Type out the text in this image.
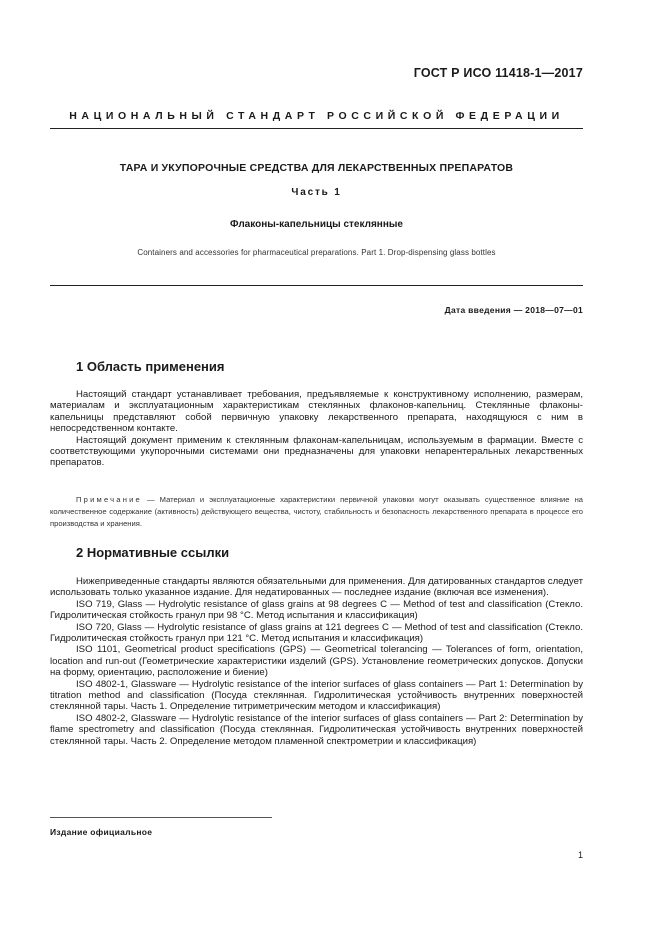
ГОСТ Р ИСО 11418-1—2017
НАЦИОНАЛЬНЫЙ СТАНДАРТ РОССИЙСКОЙ ФЕДЕРАЦИИ
ТАРА И УКУПОРОЧНЫЕ СРЕДСТВА ДЛЯ ЛЕКАРСТВЕННЫХ ПРЕПАРАТОВ
Часть 1
Флаконы-капельницы стеклянные
Containers and accessories for pharmaceutical preparations. Part 1. Drop-dispensing glass bottles
Дата введения — 2018—07—01
1 Область применения

Настоящий стандарт устанавливает требования, предъявляемые к конструктивному исполнению, размерам, материалам и эксплуатационным характеристикам стеклянных флаконов-капельниц. Стеклянные флаконы-капельницы представляют собой первичную упаковку лекарственного препарата, находящуюся с ним в непосредственном контакте.

Настоящий документ применим к стеклянным флаконам-капельницам, используемым в фармации. Вместе с соответствующими укупорочными системами они предназначены для упаковки непарентеральных лекарственных препаратов.

Примечание — Материал и эксплуатационные характеристики первичной упаковки могут оказывать существенное влияние на количественное содержание (активность) действующего вещества, чистоту, стабильность и безопасность лекарственного препарата в процессе его производства и хранения.

2 Нормативные ссылки

Нижеприведенные стандарты являются обязательными для применения. Для датированных стандартов следует использовать только указанное издание. Для недатированных — последнее издание (включая все изменения).

ISO 719, Glass — Hydrolytic resistance of glass grains at 98 degrees C — Method of test and classification (Стекло. Гидролитическая стойкость гранул при 98 °С. Метод испытания и классификация)

ISO 720, Glass — Hydrolytic resistance of glass grains at 121 degrees C — Method of test and classification (Стекло. Гидролитическая стойкость гранул при 121 °С. Метод испытания и классификация)

ISO 1101, Geometrical product specifications (GPS) — Geometrical tolerancing — Tolerances of form, orientation, location and run-out (Геометрические характеристики изделий (GPS). Установление геометрических допусков. Допуски на форму, ориентацию, расположение и биение)

ISO 4802-1, Glassware — Hydrolytic resistance of the interior surfaces of glass containers — Part 1: Determination by titration method and classification (Посуда стеклянная. Гидролитическая устойчивость внутренних поверхностей стеклянной тары. Часть 1. Определение титриметрическим методом и классификация)

ISO 4802-2, Glassware — Hydrolytic resistance of the interior surfaces of glass containers — Part 2: Determination by flame spectrometry and classification (Посуда стеклянная. Гидролитическая устойчивость внутренних поверхностей стеклянной тары. Часть 2. Определение методом пламенной спектрометрии и классификация)

Издание официальное
1
